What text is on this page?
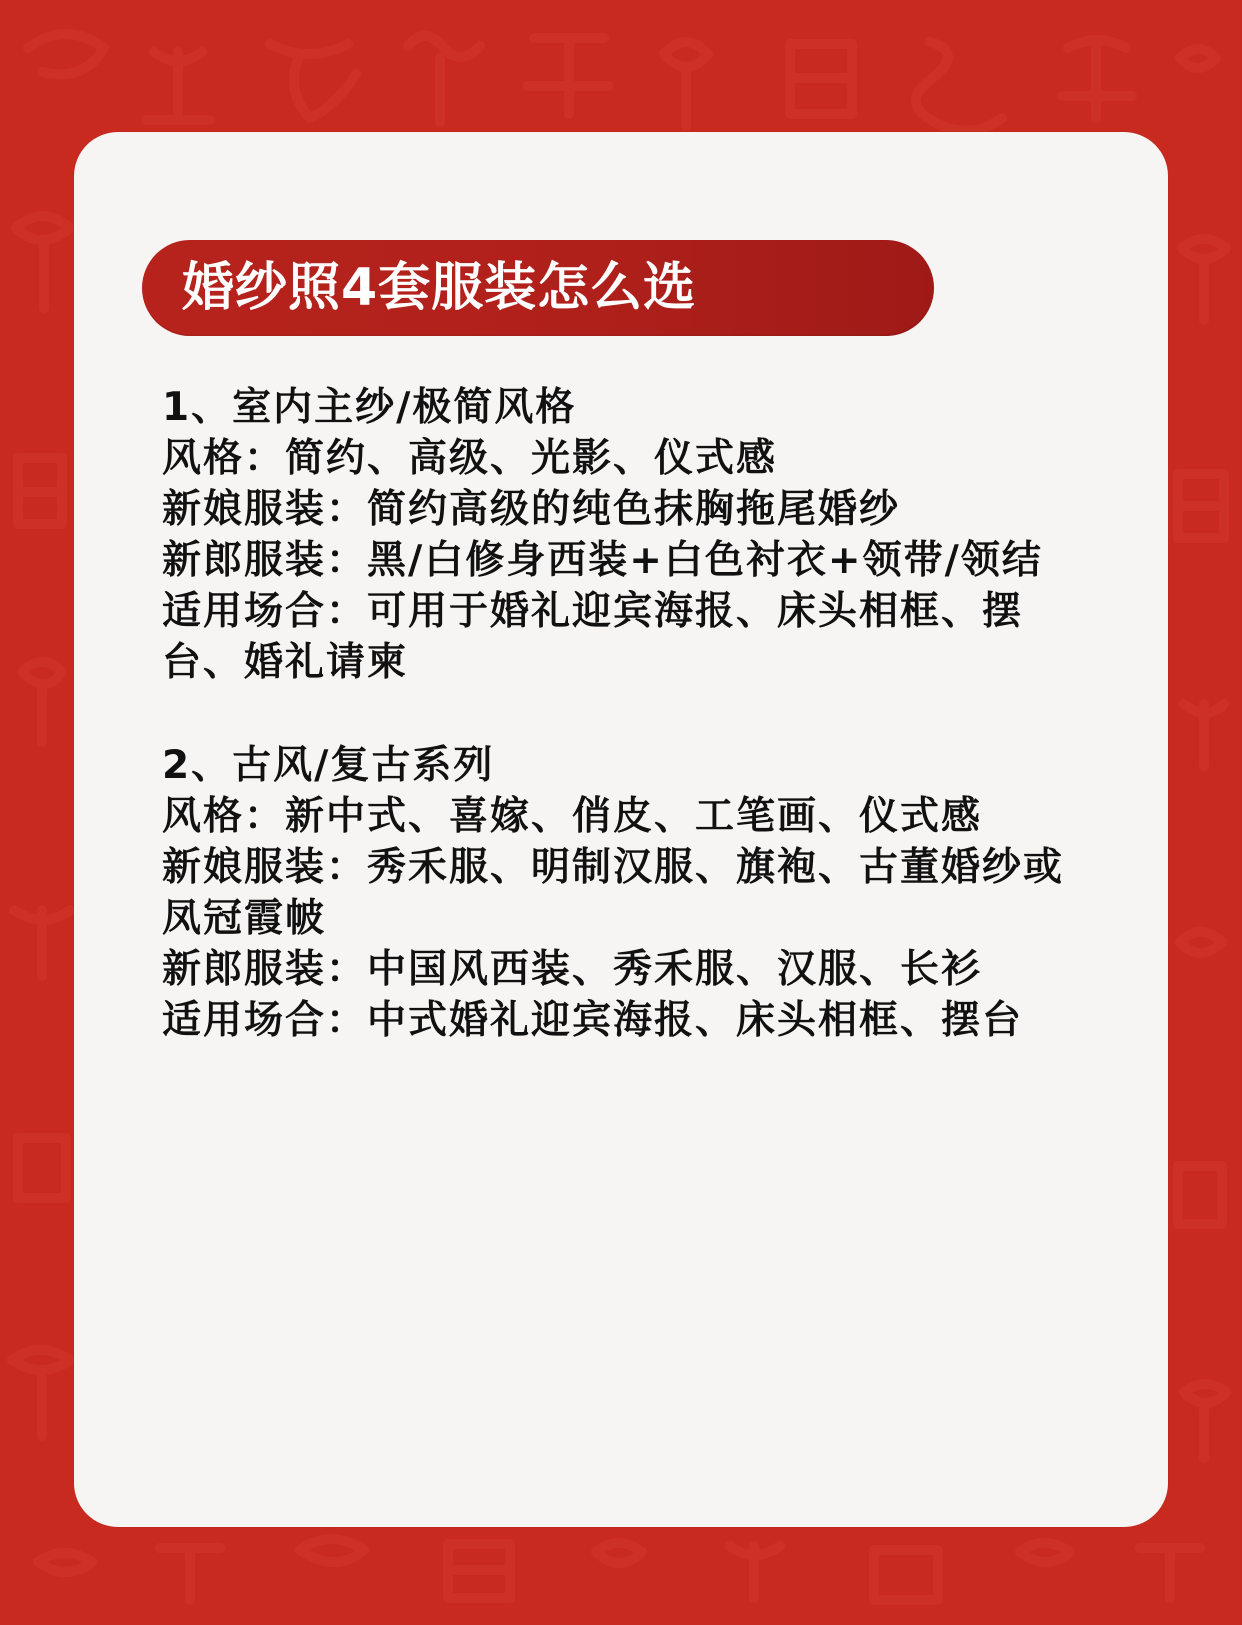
婚纱照4套服装怎么选

1、室内主纱/极简风格

风格：简约、高级、光影、仪式感

新娘服装：简约高级的纯色抹胸拖尾婚纱

新郎服装：黑/白修身西装+白色衬衣+领带/领结

适用场合：可用于婚礼迎宾海报、床头相框、摆台、婚礼请柬

2、古风/复古系列

风格：新中式、喜嫁、俏皮、工笔画、仪式感

新娘服装：秀禾服、明制汉服、旗袍、古董婚纱或凤冠霞帔

新郎服装：中国风西装、秀禾服、汉服、长衫

适用场合：中式婚礼迎宾海报、床头相框、摆台
